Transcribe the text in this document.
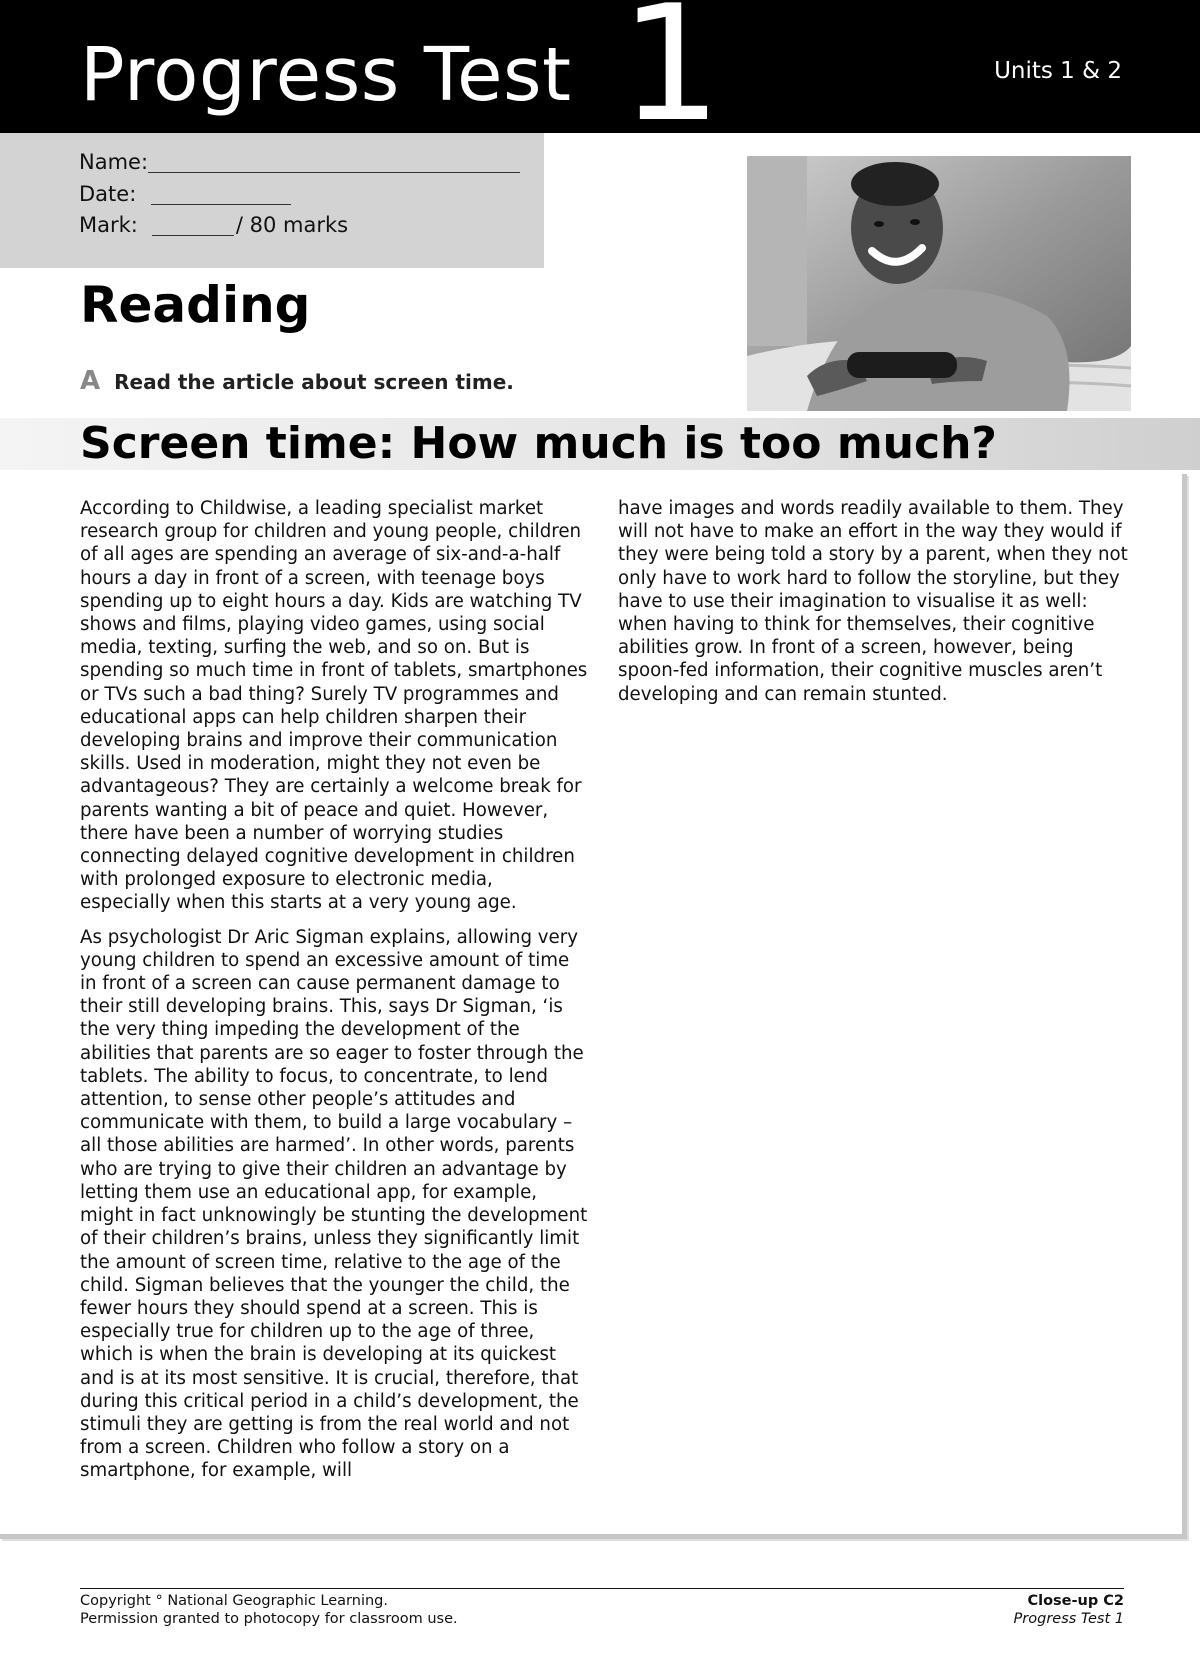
Progress Test 1	Units 1 & 2
Name:
Date:
Mark:	/ 80 marks
Reading
A Read the article about screen time.
Screen time: How much is too much?

According to Childwise, a leading specialist market research group for children and young people, children of all ages are spending an average of six-and-a-half hours a day in front of a screen, with teenage boys spending up to eight hours a day. Kids are watching TV shows and films, playing video games, using social media, texting, surfing the web, and so on. But is spending so much time in front of tablets, smartphones or TVs such a bad thing? Surely TV programmes and educational apps can help children sharpen their developing brains and improve their communication skills. Used in moderation, might they not even be advantageous? They are certainly a welcome break for parents wanting a bit of peace and quiet. However, there have been a number of worrying studies connecting delayed cognitive development in children with prolonged exposure to electronic media, especially when this starts at a very young age.

As psychologist Dr Aric Sigman explains, allowing very young children to spend an excessive amount of time in front of a screen can cause permanent damage to their still developing brains. This, says Dr Sigman, ‘is the very thing impeding the development of the abilities that parents are so eager to foster through the tablets. The ability to focus, to concentrate, to lend attention, to sense other people’s attitudes and communicate with them, to build a large vocabulary – all those abilities are harmed’. In other words, parents who are trying to give their children an advantage by letting them use an educational app, for example, might in fact unknowingly be stunting the development of their children’s brains, unless they significantly limit the amount of screen time, relative to the age of the child. Sigman believes that the younger the child, the fewer hours they should spend at a screen. This is especially true for children up to the age of three, which is when the brain is developing at its quickest and is at its most sensitive. It is crucial, therefore, that during this critical period in a child’s development, the stimuli they are getting is from the real world and not from a screen. Children who follow a story on a smartphone, for example, will

have images and words readily available to them. They will not have to make an effort in the way they would if they were being told a story by a parent, when they not only have to work hard to follow the storyline, but they have to use their imagination to visualise it as well: when having to think for themselves, their cognitive abilities grow. In front of a screen, however, being spoon-fed information, their cognitive muscles aren’t developing and can remain stunted.

Copyright ° National Geographic Learning.
Permission granted to photocopy for classroom use.
Close-up C2
Progress Test 1
